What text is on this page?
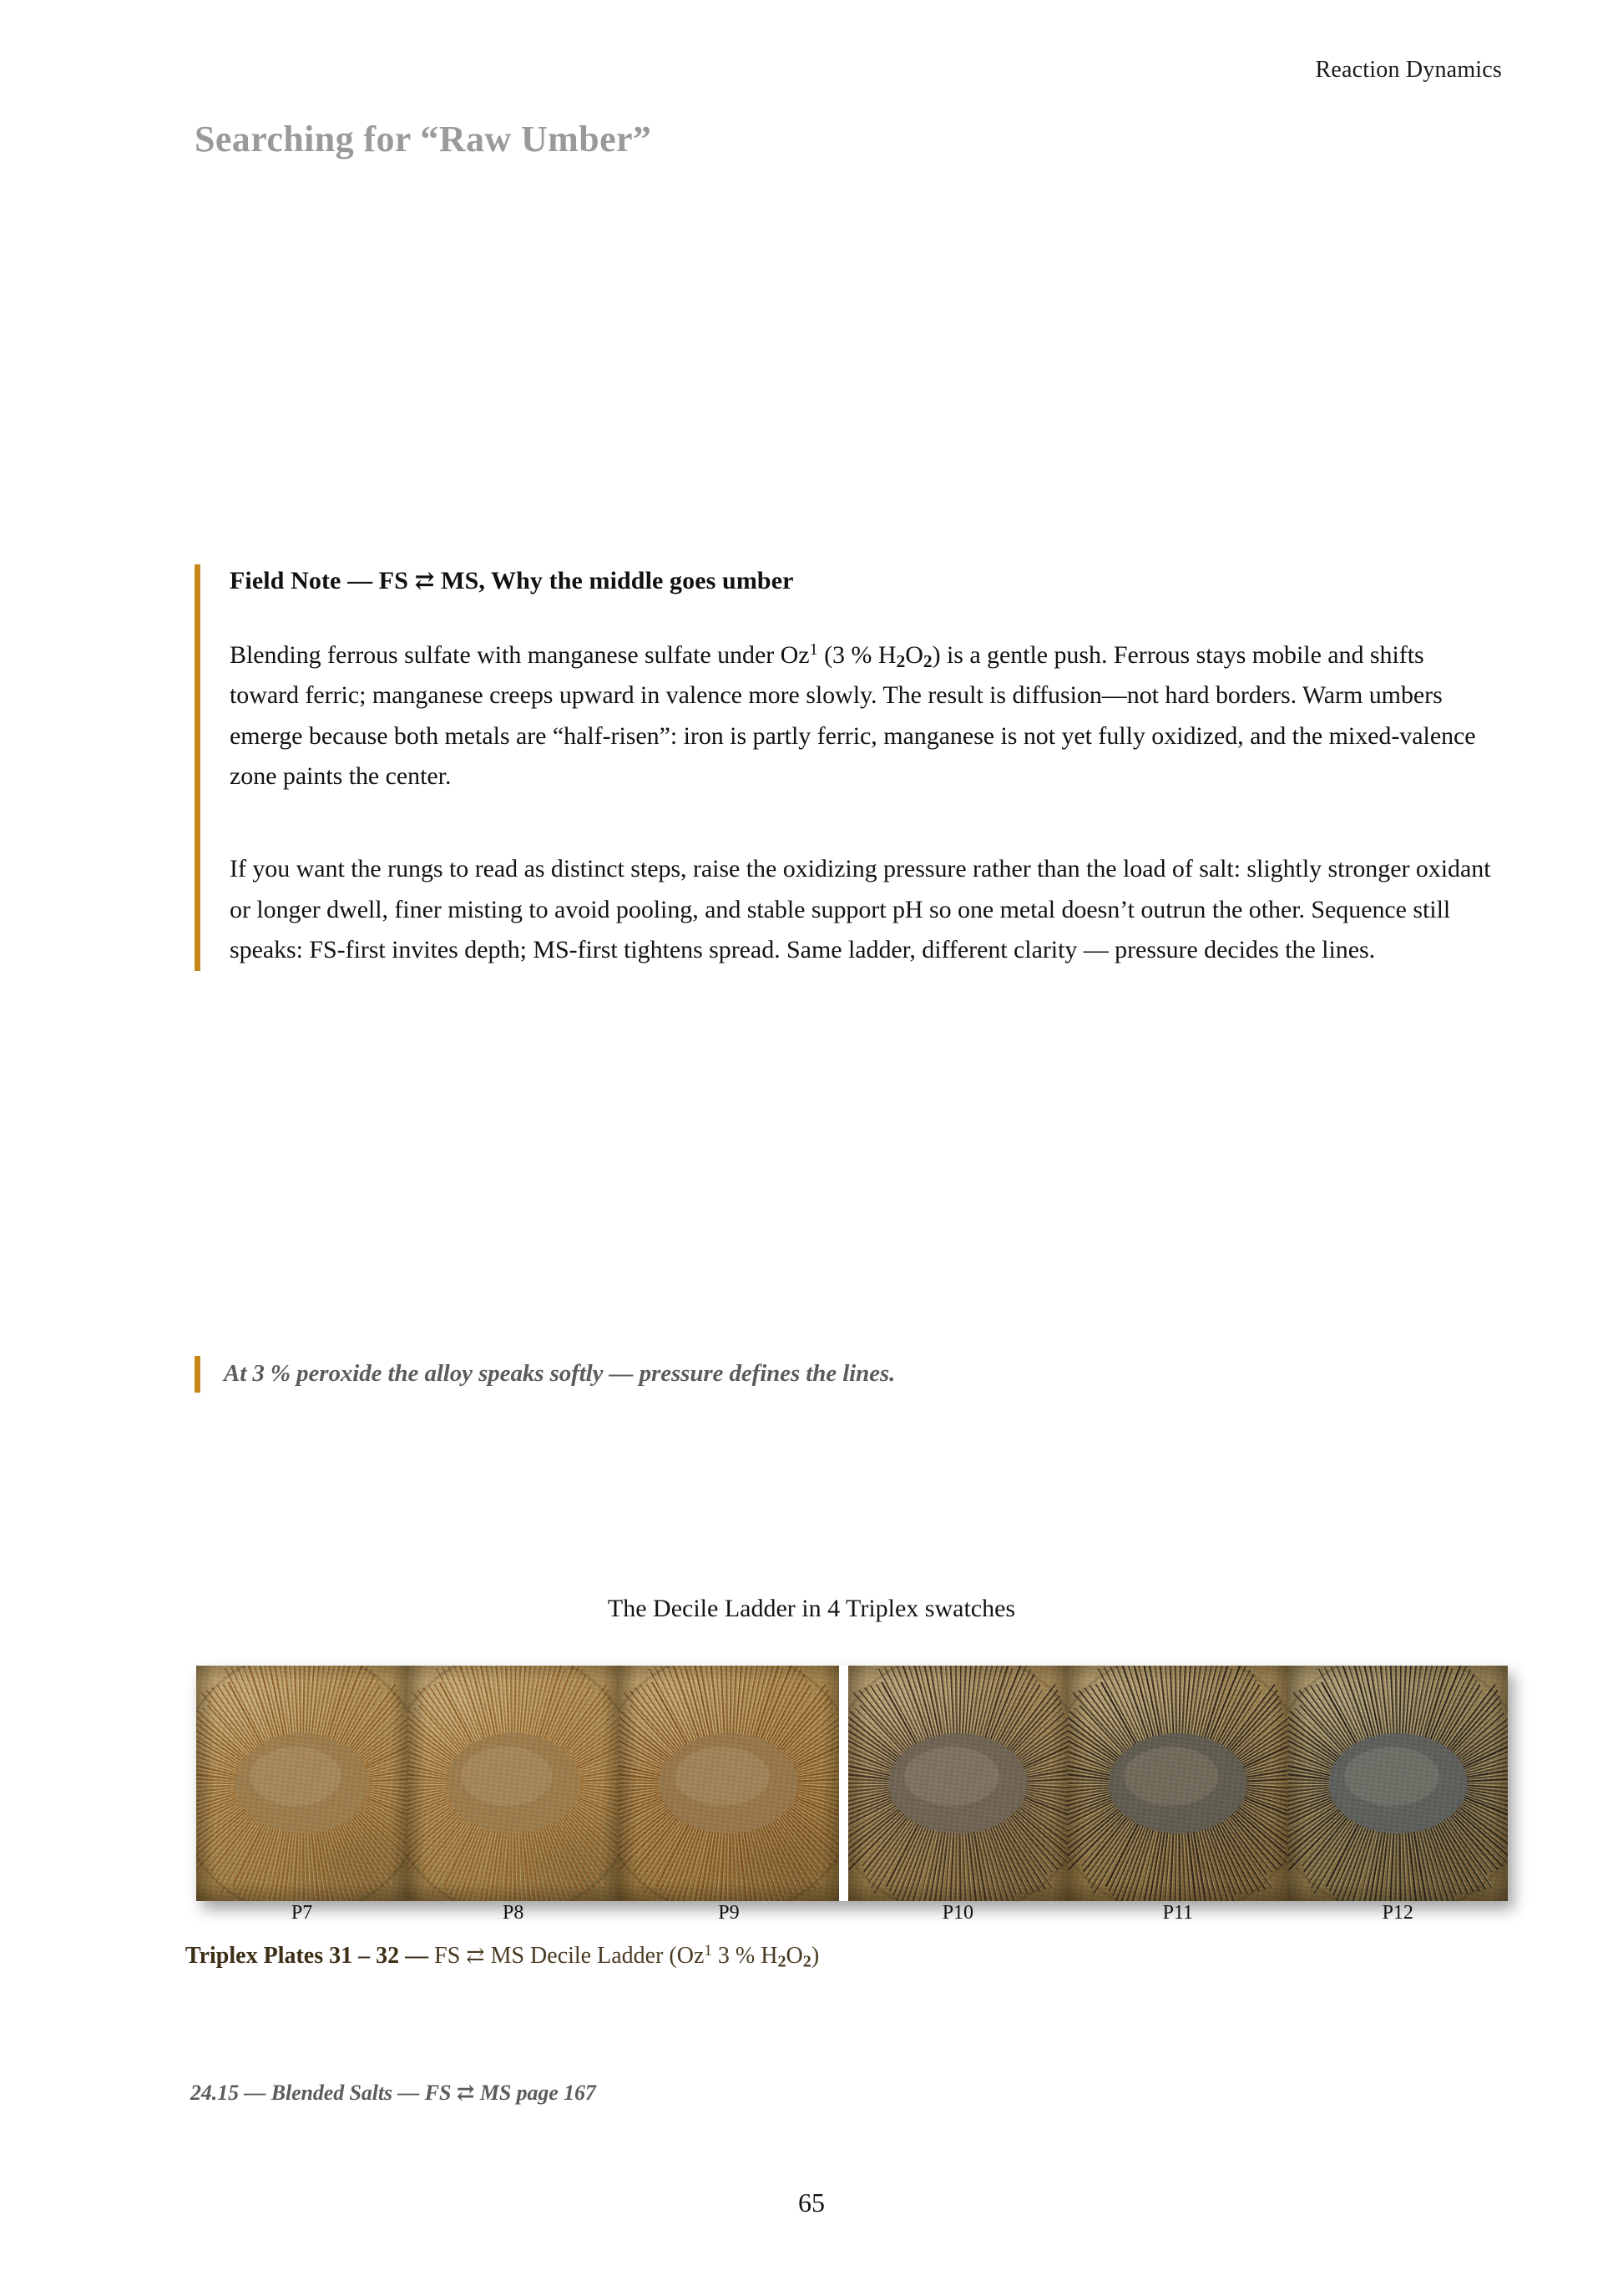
Reaction Dynamics
Searching for “Raw Umber”
Field Note — FS ⇄ MS, Why the middle goes umber

Blending ferrous sulfate with manganese sulfate under Oz$^1$ (3 % $H_2O_2$) is a gentle push. Ferrous stays mobile and shifts toward ferric; manganese creeps upward in valence more slowly. The result is diffusion—not hard borders. Warm umbers emerge because both metals are “half-risen”: iron is partly ferric, manganese is not yet fully oxidized, and the mixed-valence zone paints the center.

If you want the rungs to read as distinct steps, raise the oxidizing pressure rather than the load of salt: slightly stronger oxidant or longer dwell, finer misting to avoid pooling, and stable support pH so one metal doesn’t outrun the other. Sequence still speaks: FS-first invites depth; MS-first tightens spread. Same ladder, different clarity — pressure decides the lines.

At 3 % peroxide the alloy speaks softly — pressure defines the lines.
The Decile Ladder in 4 Triplex swatches
P7	P8	P9	P10	P11	P12
Triplex Plates 31 – 32 — FS ⇄ MS Decile Ladder (Oz$^1$ 3 % $H_2O_2$)
24.15 — Blended Salts — FS ⇄ MS page 167
65
